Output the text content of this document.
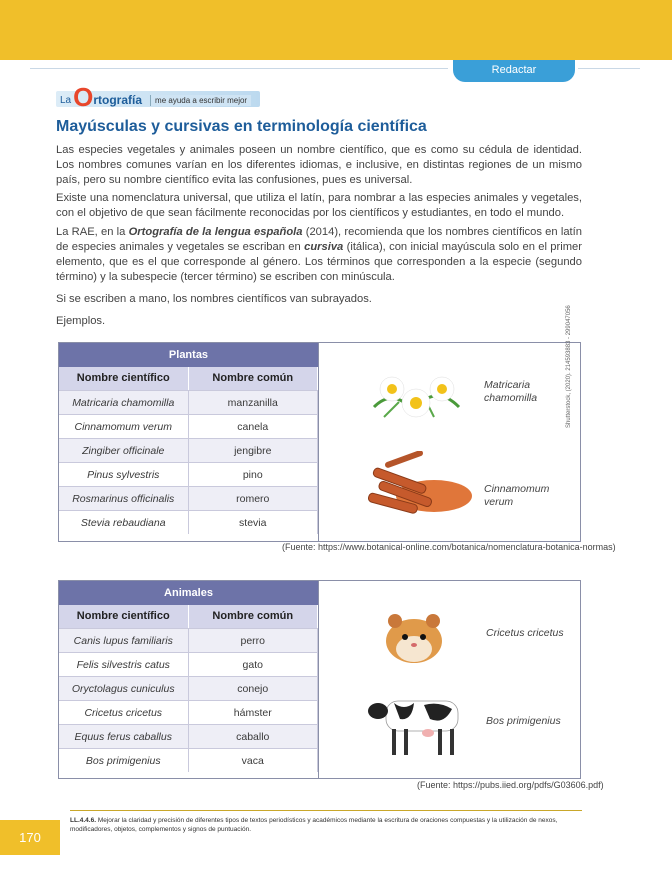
Redactar
La O rtografía	me ayuda a escribir mejor
Mayúsculas y cursivas en terminología científica

Las especies vegetales y animales poseen un nombre científico, que es como su cédula de identidad. Los nombres comunes varían en los diferentes idiomas, e inclusive, en distintas regiones de un mismo país, pero su nombre científico evita las confusiones, pues es universal.

Existe una nomenclatura universal, que utiliza el latín, para nombrar a las especies animales y vegetales, con el objetivo de que sean fácilmente reconocidas por los científicos y estudiantes, en todo el mundo.

La RAE, en la Ortografía de la lengua española (2014), recomienda que los nombres científicos en latín de especies animales y vegetales se escriban en cursiva (itálica), con inicial mayúscula solo en el primer elemento, que es el que corresponde al género. Los términos que corresponden a la especie (segundo término) y la subespecie (tercer término) se escriben con minúscula.

Si se escriben a mano, los nombres científicos van subrayados.

Ejemplos.

Plantas
Nombre científico	Nombre común
Matricaria chamomilla	manzanilla
Cinnamomum verum	canela
Zingiber officinale	jengibre
Pinus sylvestris	pino
Rosmarinus officinalis	romero
Stevia rebaudiana	stevia
Matricaria chamomilla
Cinnamomum verum
(Fuente: https://www.botanical-online.com/botanica/nomenclatura-botanica-normas)
Shutterstock, (2020). 214593883 - 299047056
Animales
Nombre científico	Nombre común
Canis lupus familiaris	perro
Felis silvestris catus	gato
Oryctolagus cuniculus	conejo
Cricetus cricetus	hámster
Equus ferus caballus	caballo
Bos primigenius	vaca
Cricetus cricetus
Bos primigenius
(Fuente: https://pubs.iied.org/pdfs/G03606.pdf)
170
LL.4.4.6. Mejorar la claridad y precisión de diferentes tipos de textos periodísticos y académicos mediante la escritura de oraciones compuestas y la utilización de nexos, modificadores, objetos, complementos y signos de puntuación.
